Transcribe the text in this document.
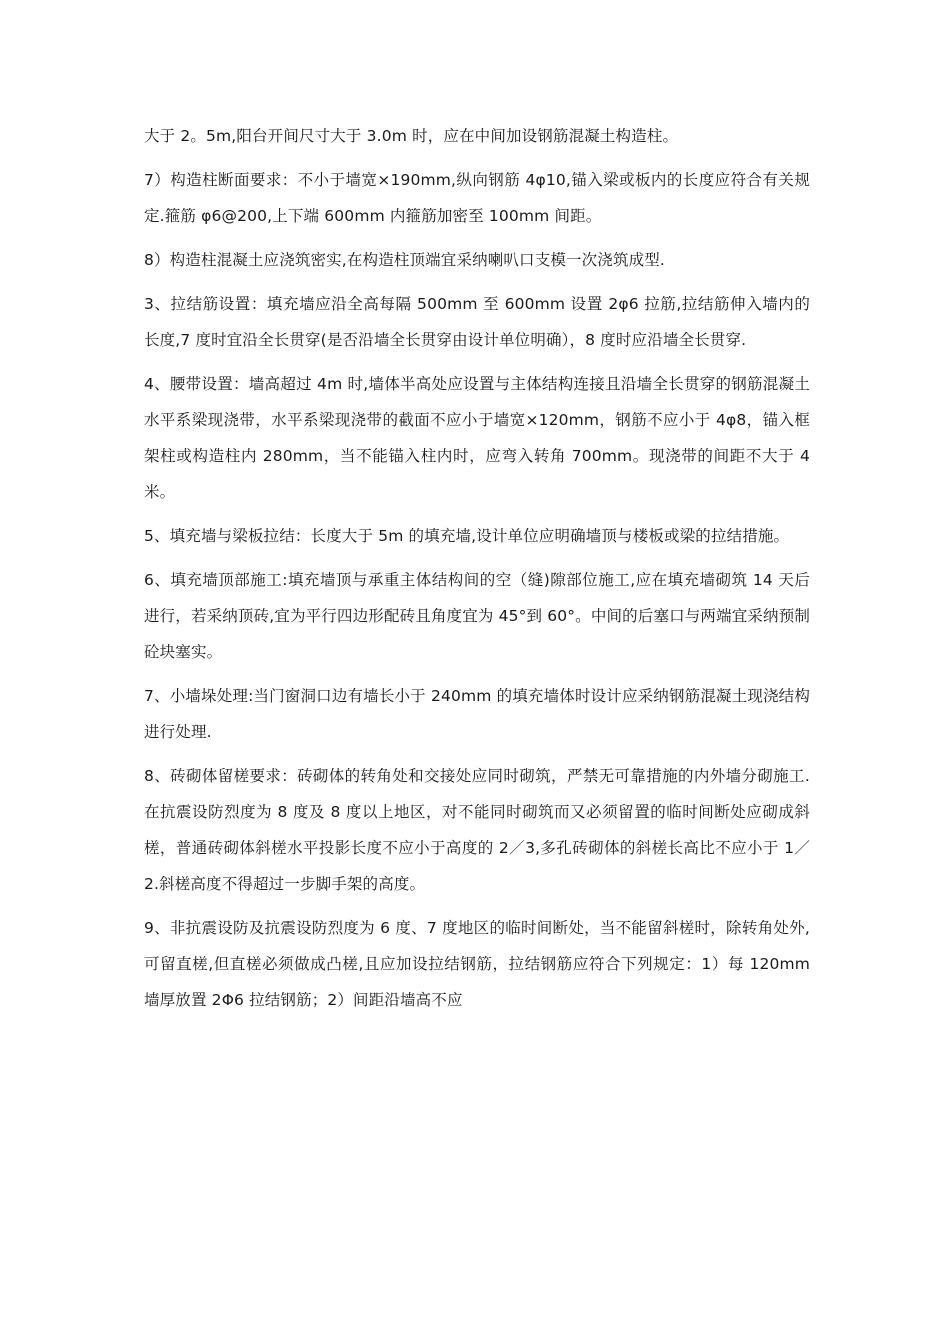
大于 2。5m,阳台开间尺寸大于 3.0m 时，应在中间加设钢筋混凝土构造柱。

7）构造柱断面要求：不小于墙宽×190mm,纵向钢筋 4φ10,锚入梁或板内的长度应符合有关规定.箍筋 φ6@200,上下端 600mm 内箍筋加密至 100mm 间距。

8）构造柱混凝土应浇筑密实,在构造柱顶端宜采纳喇叭口支模一次浇筑成型.

3、拉结筋设置：填充墙应沿全高每隔 500mm 至 600mm 设置 2φ6 拉筋,拉结筋伸入墙内的长度,7 度时宜沿全长贯穿(是否沿墙全长贯穿由设计单位明确），8 度时应沿墙全长贯穿.

4、腰带设置：墙高超过 4m 时,墙体半高处应设置与主体结构连接且沿墙全长贯穿的钢筋混凝土水平系梁现浇带，水平系梁现浇带的截面不应小于墙宽×120mm，钢筋不应小于 4φ8，锚入框架柱或构造柱内 280mm，当不能锚入柱内时，应弯入转角 700mm。现浇带的间距不大于 4 米。

5、填充墙与梁板拉结：长度大于 5m 的填充墙,设计单位应明确墙顶与楼板或梁的拉结措施。

6、填充墙顶部施工:填充墙顶与承重主体结构间的空（缝)隙部位施工,应在填充墙砌筑 14 天后进行，若采纳顶砖,宜为平行四边形配砖且角度宜为 45°到 60°。中间的后塞口与两端宜采纳预制砼块塞实。

7、小墙垛处理:当门窗洞口边有墙长小于 240mm 的填充墙体时设计应采纳钢筋混凝土现浇结构进行处理.

8、砖砌体留槎要求：砖砌体的转角处和交接处应同时砌筑，严禁无可靠措施的内外墙分砌施工.在抗震设防烈度为 8 度及 8 度以上地区，对不能同时砌筑而又必须留置的临时间断处应砌成斜槎，普通砖砌体斜槎水平投影长度不应小于高度的 2／3,多孔砖砌体的斜槎长高比不应小于 1／2.斜槎高度不得超过一步脚手架的高度。

9、非抗震设防及抗震设防烈度为 6 度、7 度地区的临时间断处，当不能留斜槎时，除转角处外,可留直槎,但直槎必须做成凸槎,且应加设拉结钢筋，拉结钢筋应符合下列规定：1）每 120mm 墙厚放置 2Φ6 拉结钢筋；2）间距沿墙高不应
